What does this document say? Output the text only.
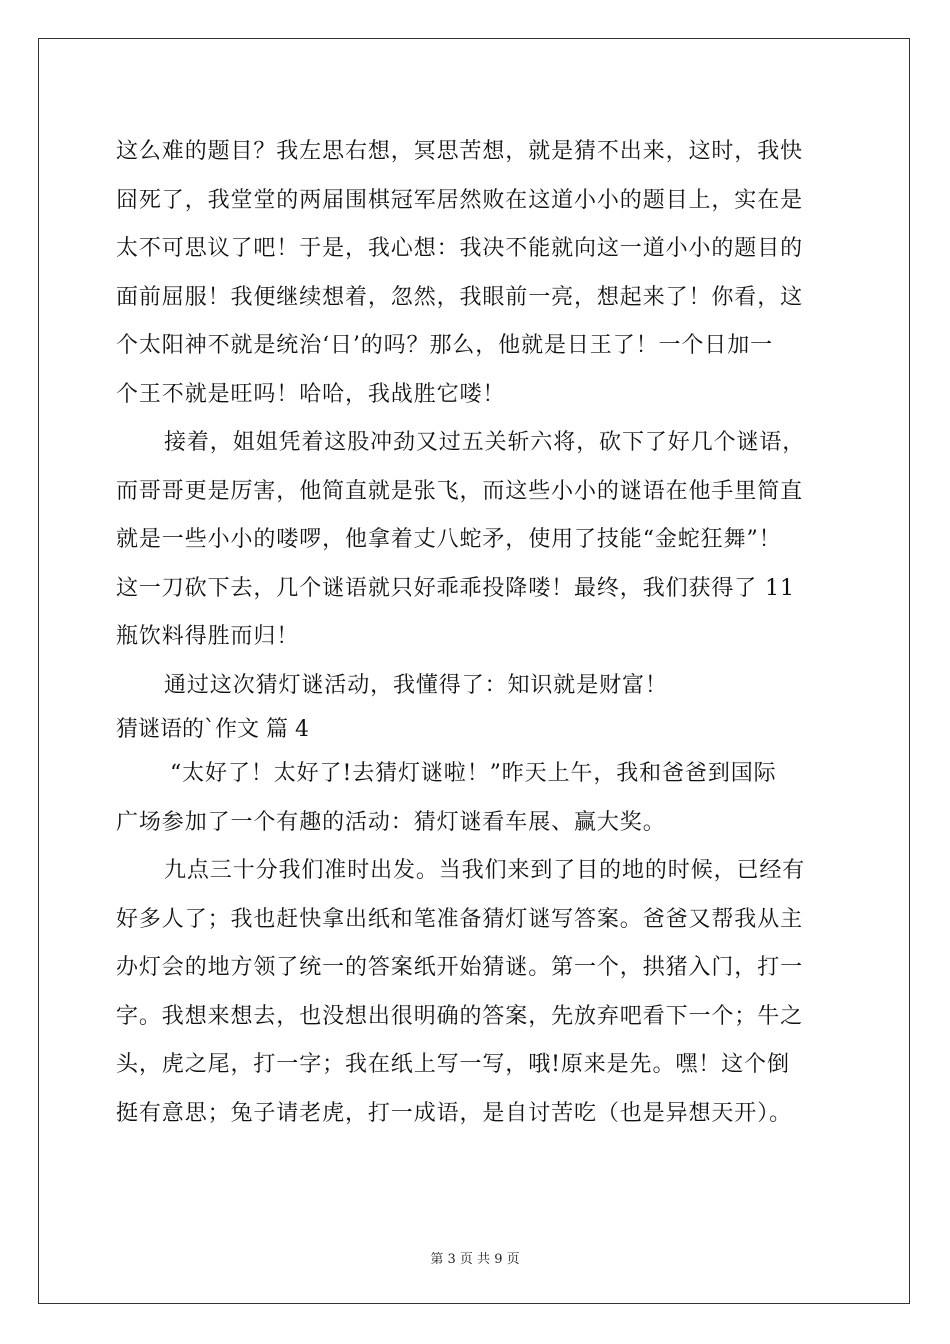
这么难的题目？我左思右想，冥思苦想，就是猜不出来，这时，我快
囧死了，我堂堂的两届围棋冠军居然败在这道小小的题目上，实在是
太不可思议了吧！于是，我心想：我决不能就向这一道小小的题目的
面前屈服！我便继续想着，忽然，我眼前一亮，想起来了！你看，这
个太阳神不就是统治‘日’的吗？那么，他就是日王了！一个日加一
个王不就是旺吗！哈哈，我战胜它喽！
接着，姐姐凭着这股冲劲又过五关斩六将，砍下了好几个谜语，
而哥哥更是厉害，他简直就是张飞，而这些小小的谜语在他手里简直
就是一些小小的喽啰，他拿着丈八蛇矛，使用了技能“金蛇狂舞”！
这一刀砍下去，几个谜语就只好乖乖投降喽！最终，我们获得了 11
瓶饮料得胜而归！
通过这次猜灯谜活动，我懂得了：知识就是财富！
猜谜语的`作文 篇 4
“太好了！太好了!去猜灯谜啦！”昨天上午，我和爸爸到国际
广场参加了一个有趣的活动：猜灯谜看车展、赢大奖。
九点三十分我们准时出发。当我们来到了目的地的时候，已经有
好多人了；我也赶快拿出纸和笔准备猜灯谜写答案。爸爸又帮我从主
办灯会的地方领了统一的答案纸开始猜谜。第一个，拱猪入门，打一
字。我想来想去，也没想出很明确的答案，先放弃吧看下一个；牛之
头，虎之尾，打一字；我在纸上写一写，哦!原来是先。嘿！这个倒
挺有意思；兔子请老虎，打一成语，是自讨苦吃（也是异想天开）。
第 3 页 共 9 页
